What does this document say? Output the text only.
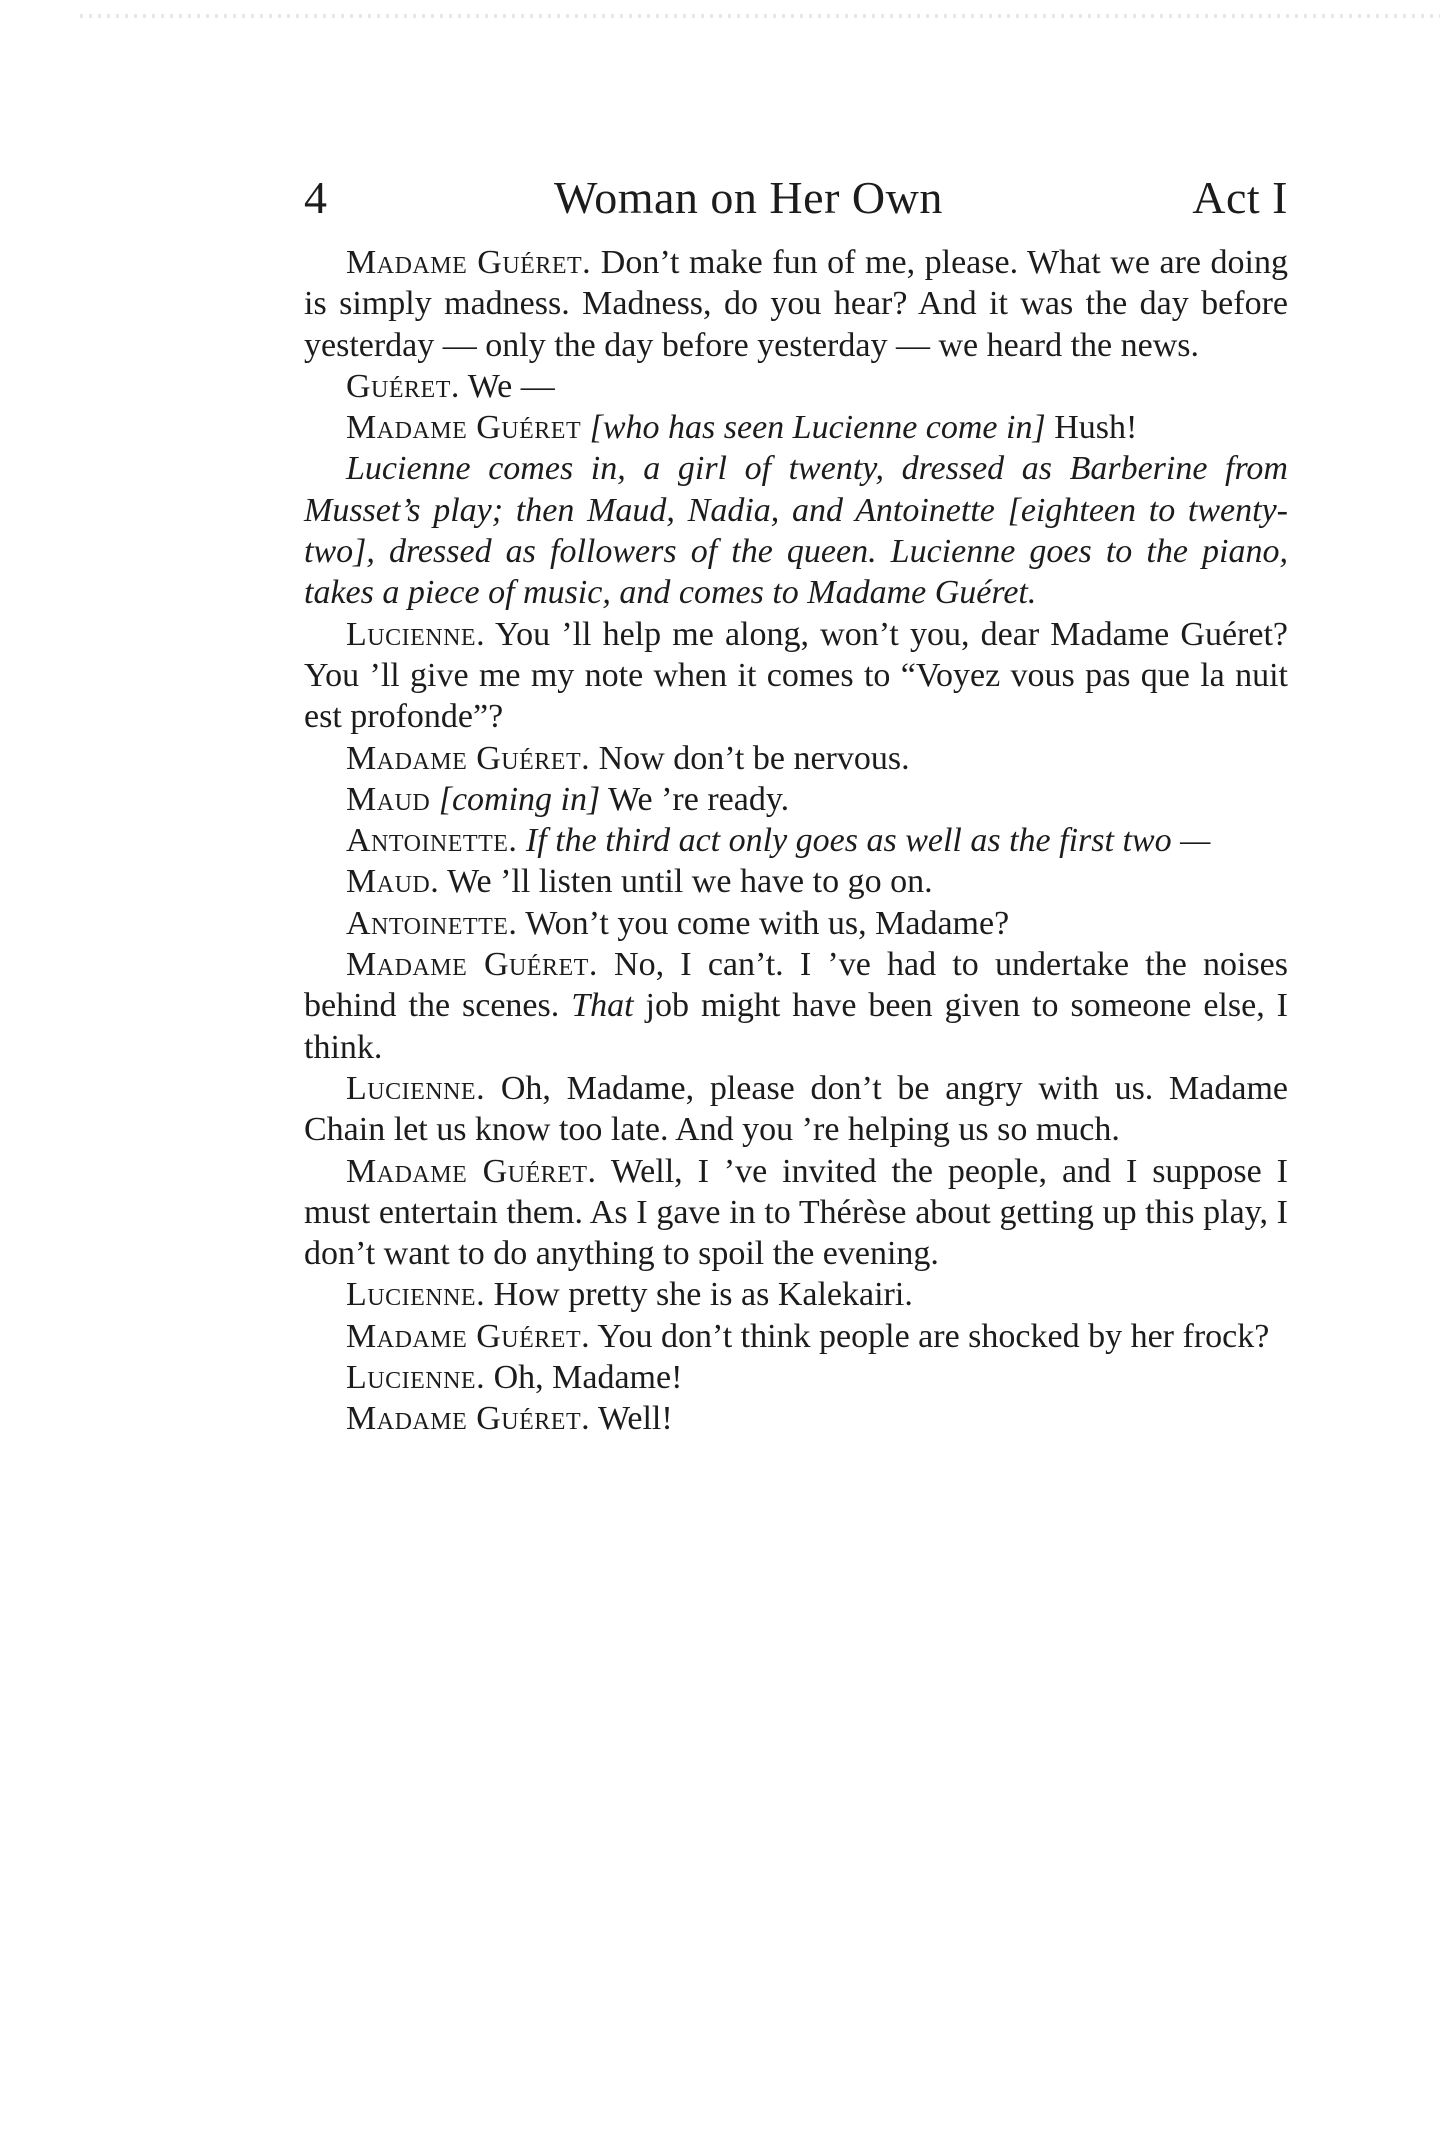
4	Woman on Her Own	Act I

Madame Guéret. Don’t make fun of me, please. What we are doing is simply madness. Madness, do you hear? And it was the day before yesterday — only the day before yesterday — we heard the news.

Guéret. We —

Madame Guéret [who has seen Lucienne come in] Hush!

Lucienne comes in, a girl of twenty, dressed as Barberine from Musset’s play; then Maud, Nadia, and Antoinette [eighteen to twenty-two], dressed as followers of the queen. Lucienne goes to the piano, takes a piece of music, and comes to Madame Guéret.

Lucienne. You ’ll help me along, won’t you, dear Madame Guéret? You ’ll give me my note when it comes to “Voyez vous pas que la nuit est profonde”?

Madame Guéret. Now don’t be nervous.

Maud [coming in] We ’re ready.

Antoinette. If the third act only goes as well as the first two —

Maud. We ’ll listen until we have to go on.

Antoinette. Won’t you come with us, Madame?

Madame Guéret. No, I can’t. I ’ve had to undertake the noises behind the scenes. That job might have been given to someone else, I think.

Lucienne. Oh, Madame, please don’t be angry with us. Madame Chain let us know too late. And you ’re helping us so much.

Madame Guéret. Well, I ’ve invited the people, and I suppose I must entertain them. As I gave in to Thérèse about getting up this play, I don’t want to do anything to spoil the evening.

Lucienne. How pretty she is as Kalekairi.

Madame Guéret. You don’t think people are shocked by her frock?

Lucienne. Oh, Madame!

Madame Guéret. Well!
